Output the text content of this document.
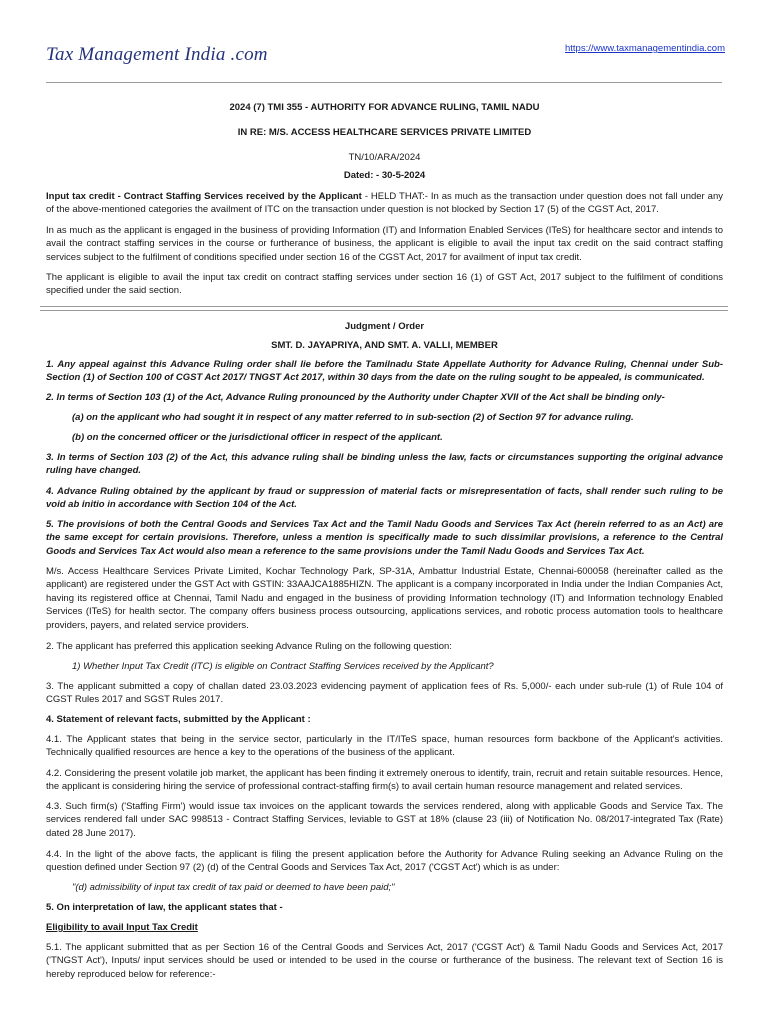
Tax Management India .com	https://www.taxmanagementindia.com
2024 (7) TMI 355 - AUTHORITY FOR ADVANCE RULING, TAMIL NADU
IN RE: M/S. ACCESS HEALTHCARE SERVICES PRIVATE LIMITED
TN/10/ARA/2024
Dated: - 30-5-2024
Input tax credit - Contract Staffing Services received by the Applicant - HELD THAT:- In as much as the transaction under question does not fall under any of the above-mentioned categories the availment of ITC on the transaction under question is not blocked by Section 17 (5) of the CGST Act, 2017.
In as much as the applicant is engaged in the business of providing Information (IT) and Information Enabled Services (ITeS) for healthcare sector and intends to avail the contract staffing services in the course or furtherance of business, the applicant is eligible to avail the input tax credit on the said contract staffing services subject to the fulfilment of conditions specified under section 16 of the CGST Act, 2017 for availment of input tax credit.
The applicant is eligible to avail the input tax credit on contract staffing services under section 16 (1) of GST Act, 2017 subject to the fulfilment of conditions specified under the said section.
Judgment / Order
SMT. D. JAYAPRIYA, AND SMT. A. VALLI, MEMBER
1. Any appeal against this Advance Ruling order shall lie before the Tamilnadu State Appellate Authority for Advance Ruling, Chennai under Sub-Section (1) of Section 100 of CGST Act 2017/ TNGST Act 2017, within 30 days from the date on the ruling sought to be appealed, is communicated.
2. In terms of Section 103 (1) of the Act, Advance Ruling pronounced by the Authority under Chapter XVII of the Act shall be binding only-
(a) on the applicant who had sought it in respect of any matter referred to in sub-section (2) of Section 97 for advance ruling.
(b) on the concerned officer or the jurisdictional officer in respect of the applicant.
3. In terms of Section 103 (2) of the Act, this advance ruling shall be binding unless the law, facts or circumstances supporting the original advance ruling have changed.
4. Advance Ruling obtained by the applicant by fraud or suppression of material facts or misrepresentation of facts, shall render such ruling to be void ab initio in accordance with Section 104 of the Act.
5. The provisions of both the Central Goods and Services Tax Act and the Tamil Nadu Goods and Services Tax Act (herein referred to as an Act) are the same except for certain provisions. Therefore, unless a mention is specifically made to such dissimilar provisions, a reference to the Central Goods and Services Tax Act would also mean a reference to the same provisions under the Tamil Nadu Goods and Services Tax Act.
M/s. Access Healthcare Services Private Limited, Kochar Technology Park, SP-31A, Ambattur Industrial Estate, Chennai-600058 (hereinafter called as the applicant) are registered under the GST Act with GSTIN: 33AAJCA1885HIZN. The applicant is a company incorporated in India under the Indian Companies Act, having its registered office at Chennai, Tamil Nadu and engaged in the business of providing Information technology (IT) and Information technology Enabled Services (ITeS) for health sector. The company offers business process outsourcing, applications services, and robotic process automation tools to healthcare providers, payers, and related service providers.
2. The applicant has preferred this application seeking Advance Ruling on the following question:
1) Whether Input Tax Credit (ITC) is eligible on Contract Staffing Services received by the Applicant?
3. The applicant submitted a copy of challan dated 23.03.2023 evidencing payment of application fees of Rs. 5,000/- each under sub-rule (1) of Rule 104 of CGST Rules 2017 and SGST Rules 2017.
4. Statement of relevant facts, submitted by the Applicant :
4.1. The Applicant states that being in the service sector, particularly in the IT/ITeS space, human resources form backbone of the Applicant's activities. Technically qualified resources are hence a key to the operations of the business of the applicant.
4.2. Considering the present volatile job market, the applicant has been finding it extremely onerous to identify, train, recruit and retain suitable resources. Hence, the applicant is considering hiring the service of professional contract-staffing firm(s) to avail certain human resource management and related services.
4.3. Such firm(s) ('Staffing Firm') would issue tax invoices on the applicant towards the services rendered, along with applicable Goods and Service Tax. The services rendered fall under SAC 998513 - Contract Staffing Services, leviable to GST at 18% (clause 23 (iii) of Notification No. 08/2017-integrated Tax (Rate) dated 28 June 2017).
4.4. In the light of the above facts, the applicant is filing the present application before the Authority for Advance Ruling seeking an Advance Ruling on the question defined under Section 97 (2) (d) of the Central Goods and Services Tax Act, 2017 ('CGST Act') which is as under:
"(d) admissibility of input tax credit of tax paid or deemed to have been paid;"
5. On interpretation of law, the applicant states that -
Eligibility to avail Input Tax Credit
5.1. The applicant submitted that as per Section 16 of the Central Goods and Services Act, 2017 ('CGST Act') & Tamil Nadu Goods and Services Act, 2017 ('TNGST Act'), Inputs/ input services should be used or intended to be used in the course or furtherance of the business. The relevant text of Section 16 is hereby reproduced below for reference:-
